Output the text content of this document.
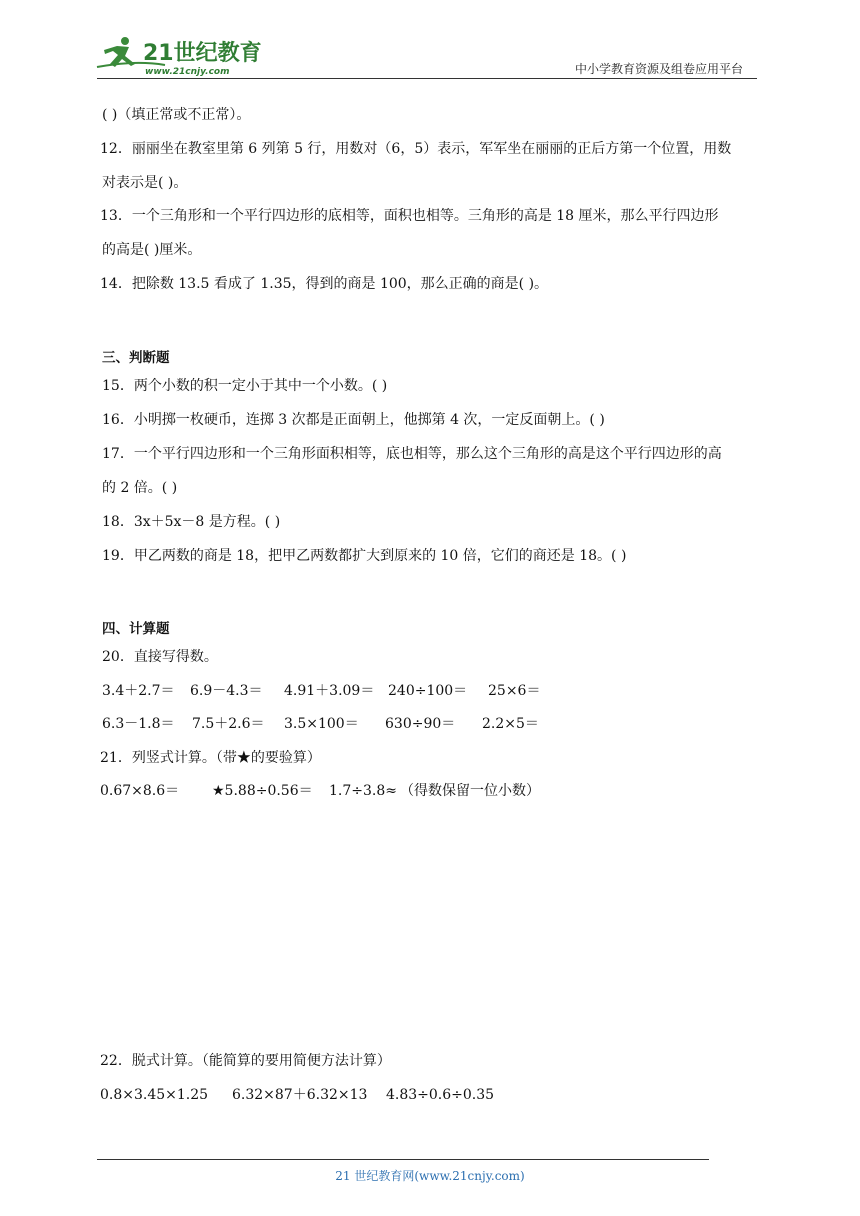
21世纪教育
www.21cnjy.com	中小学教育资源及组卷应用平台
( )（填正常或不正常）。
12．丽丽坐在教室里第 6 列第 5 行，用数对（6，5）表示，军军坐在丽丽的正后方第一个位置，用数
对表示是( )。
13．一个三角形和一个平行四边形的底相等，面积也相等。三角形的高是 18 厘米，那么平行四边形
的高是( )厘米。
14．把除数 13.5 看成了 1.35，得到的商是 100，那么正确的商是( )。
三、判断题
15．两个小数的积一定小于其中一个小数。( )
16．小明掷一枚硬币，连掷 3 次都是正面朝上，他掷第 4 次，一定反面朝上。( )
17．一个平行四边形和一个三角形面积相等，底也相等，那么这个三角形的高是这个平行四边形的高
的 2 倍。( )
18．3x＋5x－8 是方程。( )
19．甲乙两数的商是 18，把甲乙两数都扩大到原来的 10 倍，它们的商还是 18。( )
四、计算题
20．直接写得数。
3.4＋2.7＝ 6.9－4.3＝ 4.91＋3.09＝ 240÷100＝ 25×6＝
6.3－1.8＝ 7.5＋2.6＝ 3.5×100＝ 630÷90＝ 2.2×5＝
21．列竖式计算。（带★的要验算）
0.67×8.6＝ ★5.88÷0.56＝ 1.7÷3.8≈ （得数保留一位小数）
22．脱式计算。（能简算的要用简便方法计算）
0.8×3.45×1.25 6.32×87＋6.32×13 4.83÷0.6÷0.35
21 世纪教育网(www.21cnjy.com)
